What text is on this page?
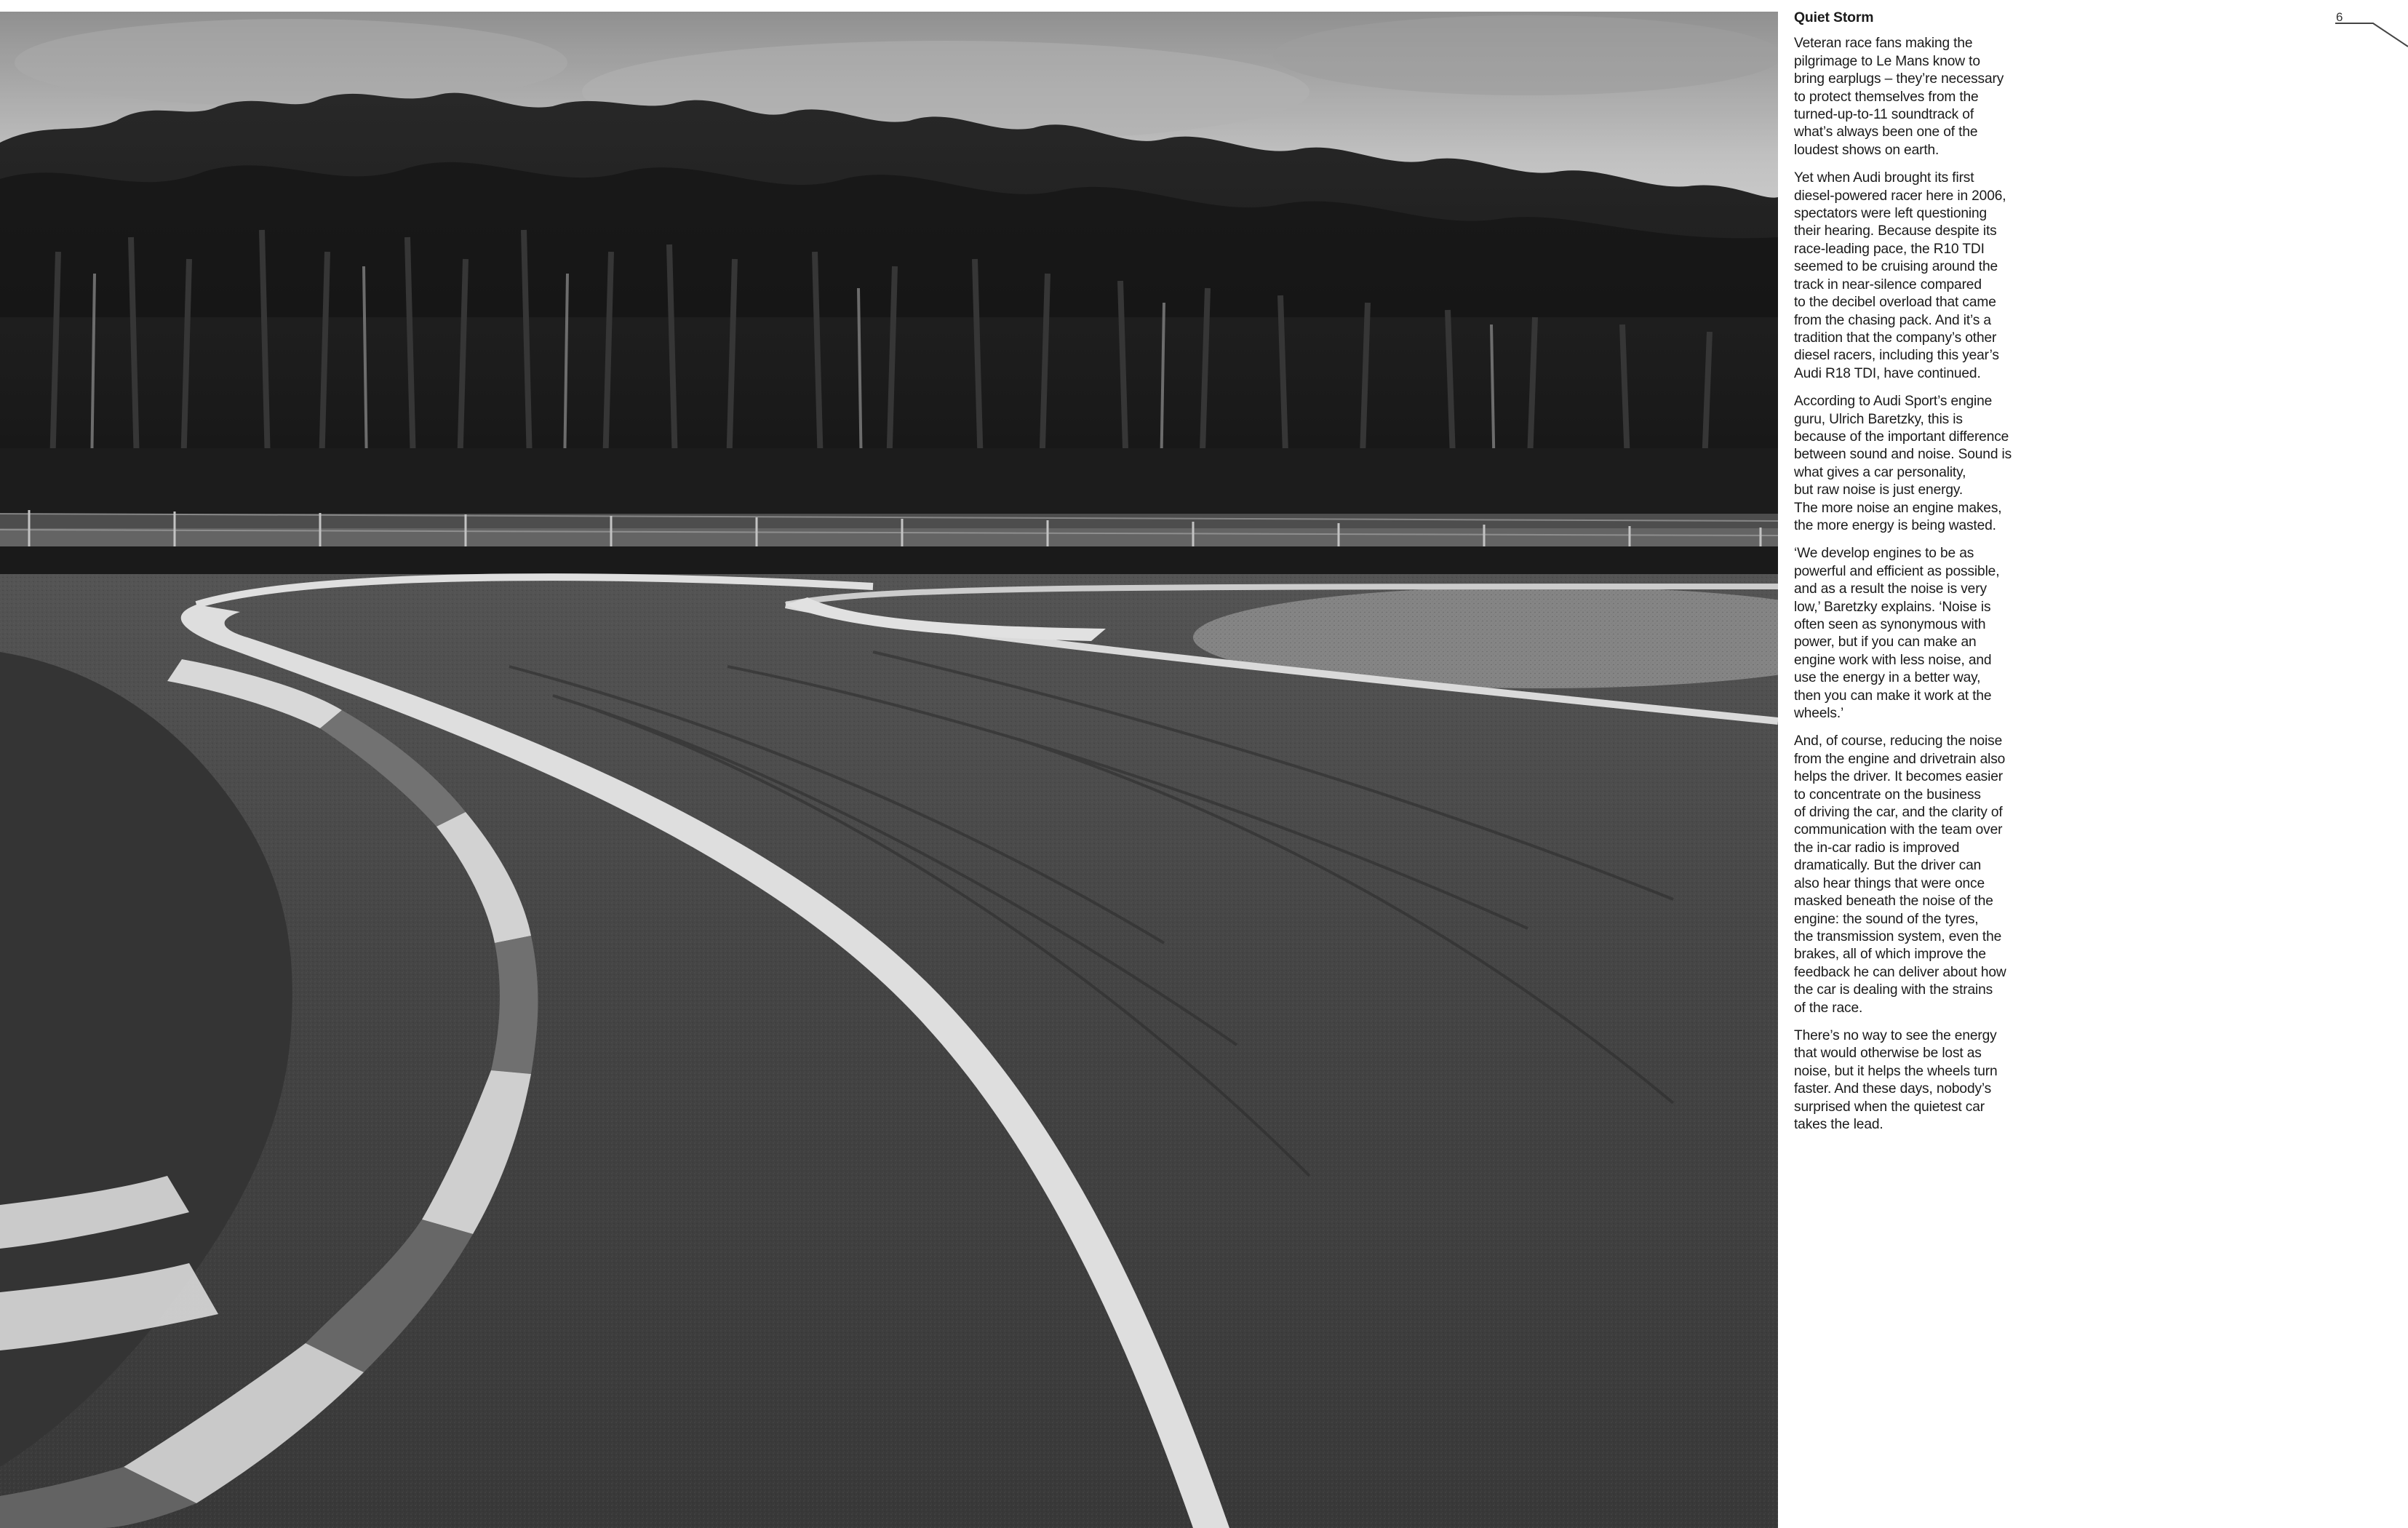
Quiet Storm

Veteran race fans making the
pilgrimage to Le Mans know to
bring earplugs – they’re necessary
to protect themselves from the
turned-up-to-11 soundtrack of
what’s always been one of the
loudest shows on earth.

Yet when Audi brought its first
diesel-powered racer here in 2006,
spectators were left questioning
their hearing. Because despite its
race-leading pace, the R10 TDI
seemed to be cruising around the
track in near-silence compared
to the decibel overload that came
from the chasing pack. And it’s a
tradition that the company’s other
diesel racers, including this year’s
Audi R18 TDI, have continued.

According to Audi Sport’s engine
guru, Ulrich Baretzky, this is
because of the important difference
between sound and noise. Sound is
what gives a car personality,
but raw noise is just energy.
The more noise an engine makes,
the more energy is being wasted.

‘We develop engines to be as
powerful and efficient as possible,
and as a result the noise is very
low,’ Baretzky explains. ‘Noise is
often seen as synonymous with
power, but if you can make an
engine work with less noise, and
use the energy in a better way,
then you can make it work at the
wheels.’

And, of course, reducing the noise
from the engine and drivetrain also
helps the driver. It becomes easier
to concentrate on the business
of driving the car, and the clarity of
communication with the team over
the in-car radio is improved
dramatically. But the driver can
also hear things that were once
masked beneath the noise of the
engine: the sound of the tyres,
the transmission system, even the
brakes, all of which improve the
feedback he can deliver about how
the car is dealing with the strains
of the race.

There’s no way to see the energy
that would otherwise be lost as
noise, but it helps the wheels turn
faster. And these days, nobody’s
surprised when the quietest car
takes the lead.

6
